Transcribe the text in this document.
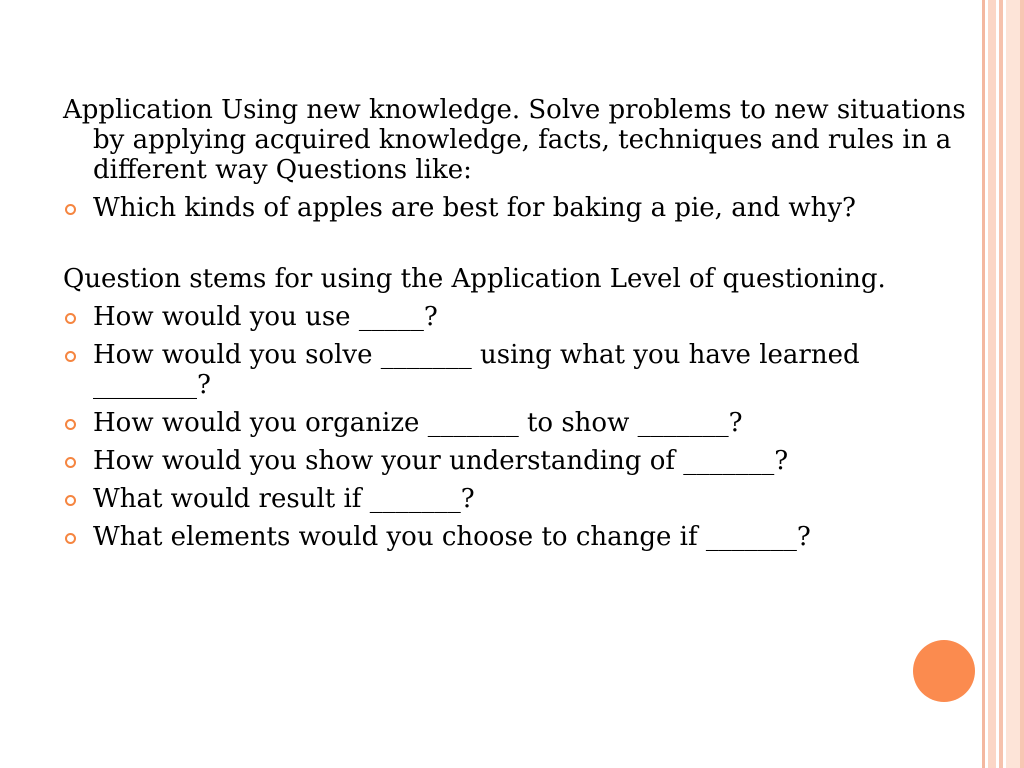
Application Using new knowledge. Solve problems to new situations by applying acquired knowledge, facts, techniques and rules in a different way Questions like:

Which kinds of apples are best for baking a pie, and why?

Question stems for using the Application Level of questioning.

How would you use _____?
How would you solve _______ using what you have learned ________?
How would you organize _______ to show _______?
How would you show your understanding of _______?
What would result if _______?
What elements would you choose to change if _______?
